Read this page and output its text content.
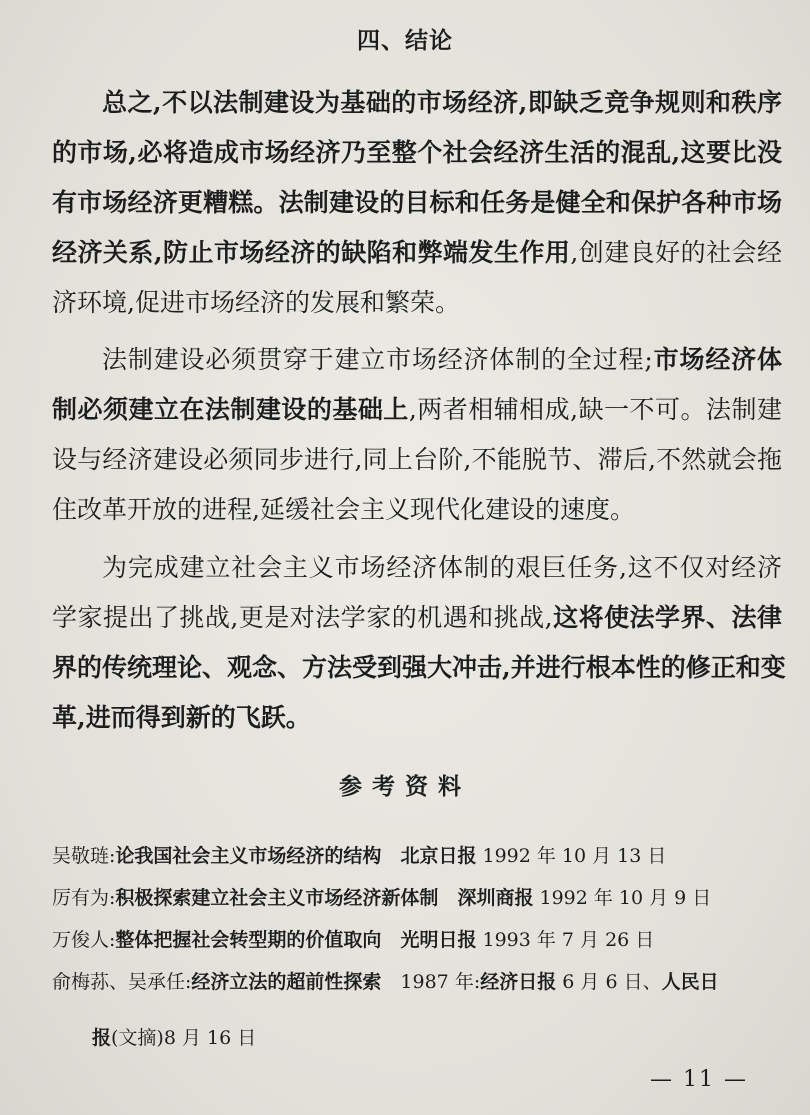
四、结论
总之,不以法制建设为基础的市场经济,即缺乏竞争规则和秩序
的市场,必将造成市场经济乃至整个社会经济生活的混乱,这要比没
有市场经济更糟糕。法制建设的目标和任务是健全和保护各种市场
经济关系,防止市场经济的缺陷和弊端发生作用,创建良好的社会经
济环境,促进市场经济的发展和繁荣。
法制建设必须贯穿于建立市场经济体制的全过程;市场经济体
制必须建立在法制建设的基础上,两者相辅相成,缺一不可。法制建
设与经济建设必须同步进行,同上台阶,不能脱节、滞后,不然就会拖
住改革开放的进程,延缓社会主义现代化建设的速度。
为完成建立社会主义市场经济体制的艰巨任务,这不仅对经济
学家提出了挑战,更是对法学家的机遇和挑战,这将使法学界、法律
界的传统理论、观念、方法受到强大冲击,并进行根本性的修正和变
革,进而得到新的飞跃。
参考资料
吴敬琏:论我国社会主义市场经济的结构　 北京日报 1992 年 10 月 13 日
厉有为:积极探索建立社会主义市场经济新体制　 深圳商报 1992 年 10 月 9 日
万俊人:整体把握社会转型期的价值取向　 光明日报 1993 年 7 月 26 日
俞梅荪、吴承任:经济立法的超前性探索　1987 年:经济日报 6 月 6 日、人民日
报(文摘)8 月 16 日
— 11 —
